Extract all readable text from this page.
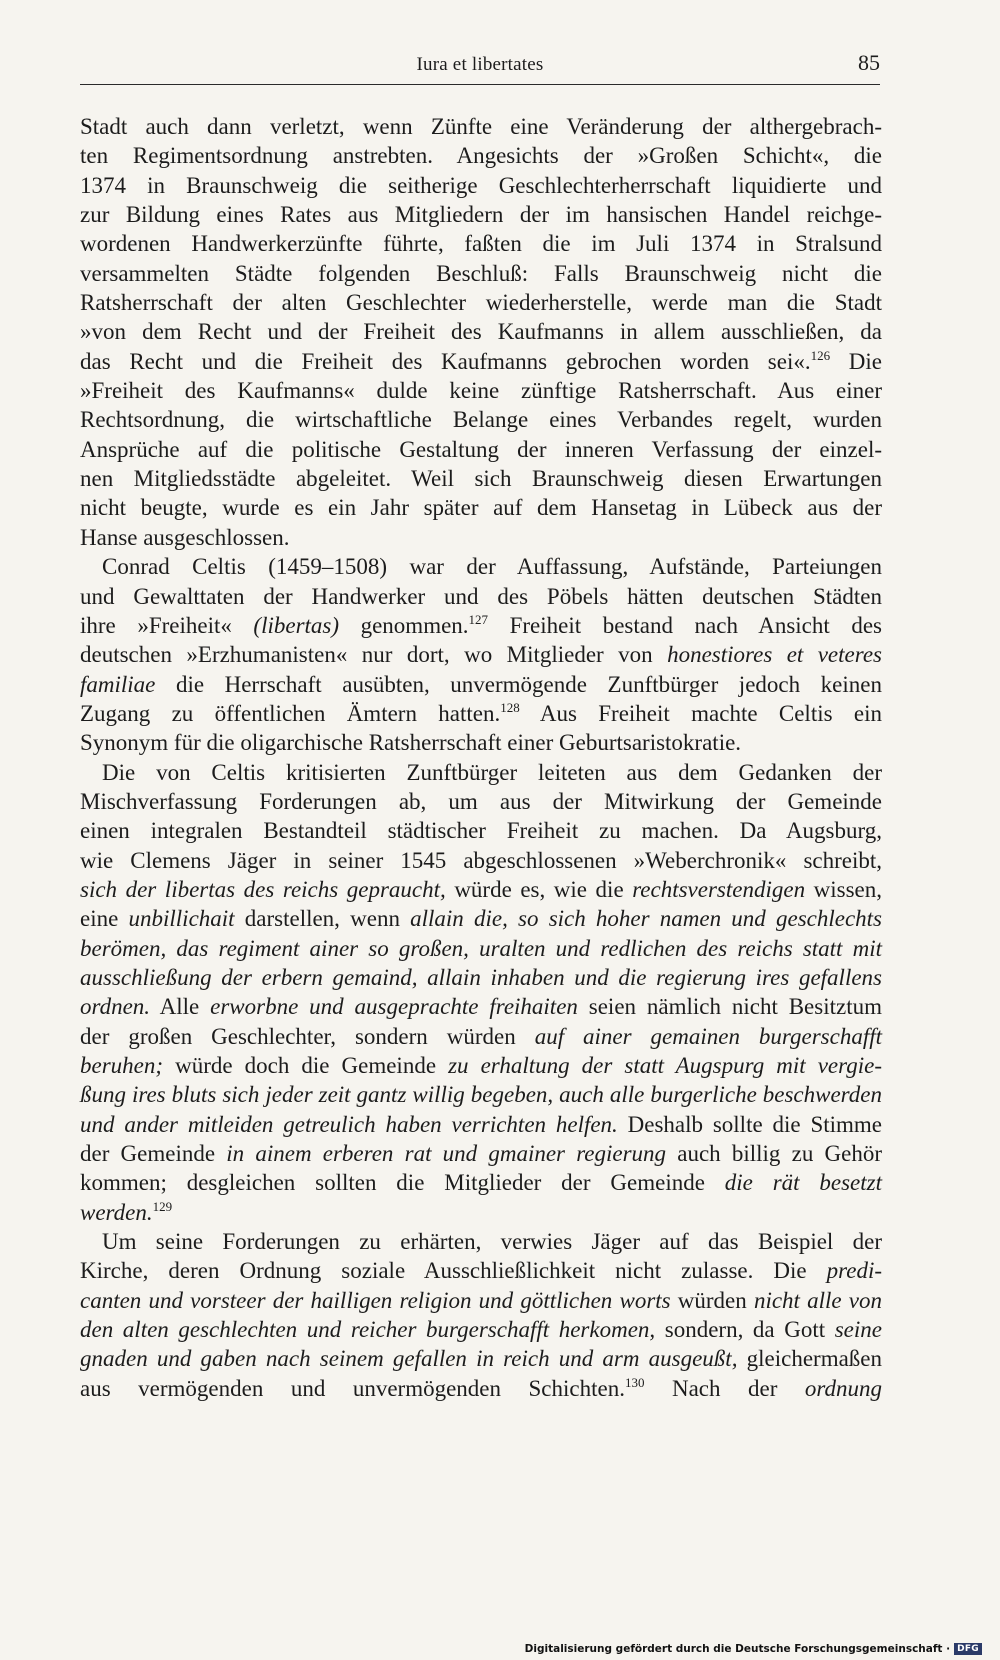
Iura et libertates	85
Stadt auch dann verletzt, wenn Zünfte eine Veränderung der althergebrach-
ten Regimentsordnung anstrebten. Angesichts der »Großen Schicht«, die
1374 in Braunschweig die seitherige Geschlechterherrschaft liquidierte und
zur Bildung eines Rates aus Mitgliedern der im hansischen Handel reichge-
wordenen Handwerkerzünfte führte, faßten die im Juli 1374 in Stralsund
versammelten Städte folgenden Beschluß: Falls Braunschweig nicht die
Ratsherrschaft der alten Geschlechter wiederherstelle, werde man die Stadt
»von dem Recht und der Freiheit des Kaufmanns in allem ausschließen, da
das Recht und die Freiheit des Kaufmanns gebrochen worden sei«.$^{126}$ Die
»Freiheit des Kaufmanns« dulde keine zünftige Ratsherrschaft. Aus einer
Rechtsordnung, die wirtschaftliche Belange eines Verbandes regelt, wurden
Ansprüche auf die politische Gestaltung der inneren Verfassung der einzel-
nen Mitgliedsstädte abgeleitet. Weil sich Braunschweig diesen Erwartungen
nicht beugte, wurde es ein Jahr später auf dem Hansetag in Lübeck aus der
Hanse ausgeschlossen.
Conrad Celtis (1459–1508) war der Auffassung, Aufstände, Parteiungen
und Gewalttaten der Handwerker und des Pöbels hätten deutschen Städten
ihre »Freiheit« (libertas) genommen.$^{127}$ Freiheit bestand nach Ansicht des
deutschen »Erzhumanisten« nur dort, wo Mitglieder von honestiores et veteres
familiae die Herrschaft ausübten, unvermögende Zunftbürger jedoch keinen
Zugang zu öffentlichen Ämtern hatten.$^{128}$ Aus Freiheit machte Celtis ein
Synonym für die oligarchische Ratsherrschaft einer Geburtsaristokratie.
Die von Celtis kritisierten Zunftbürger leiteten aus dem Gedanken der
Mischverfassung Forderungen ab, um aus der Mitwirkung der Gemeinde
einen integralen Bestandteil städtischer Freiheit zu machen. Da Augsburg,
wie Clemens Jäger in seiner 1545 abgeschlossenen »Weberchronik« schreibt,
sich der libertas des reichs gepraucht, würde es, wie die rechtsverstendigen wissen,
eine unbillichait darstellen, wenn allain die, so sich hoher namen und geschlechts
berömen, das regiment ainer so großen, uralten und redlichen des reichs statt mit
ausschließung der erbern gemaind, allain inhaben und die regierung ires gefallens
ordnen. Alle erworbne und ausgeprachte freihaiten seien nämlich nicht Besitztum
der großen Geschlechter, sondern würden auf ainer gemainen burgerschafft
beruhen; würde doch die Gemeinde zu erhaltung der statt Augspurg mit vergie-
ßung ires bluts sich jeder zeit gantz willig begeben, auch alle burgerliche beschwerden
und ander mitleiden getreulich haben verrichten helfen. Deshalb sollte die Stimme
der Gemeinde in ainem erberen rat und gmainer regierung auch billig zu Gehör
kommen; desgleichen sollten die Mitglieder der Gemeinde die rät besetzt
werden.$^{129}$
Um seine Forderungen zu erhärten, verwies Jäger auf das Beispiel der
Kirche, deren Ordnung soziale Ausschließlichkeit nicht zulasse. Die predi-
canten und vorsteer der hailligen religion und göttlichen worts würden nicht alle von
den alten geschlechten und reicher burgerschafft herkomen, sondern, da Gott seine
gnaden und gaben nach seinem gefallen in reich und arm ausgeußt, gleichermaßen
aus vermögenden und unvermögenden Schichten.$^{130}$ Nach der ordnung
Digitalisierung gefördert durch die Deutsche Forschungsgemeinschaft · DFG
